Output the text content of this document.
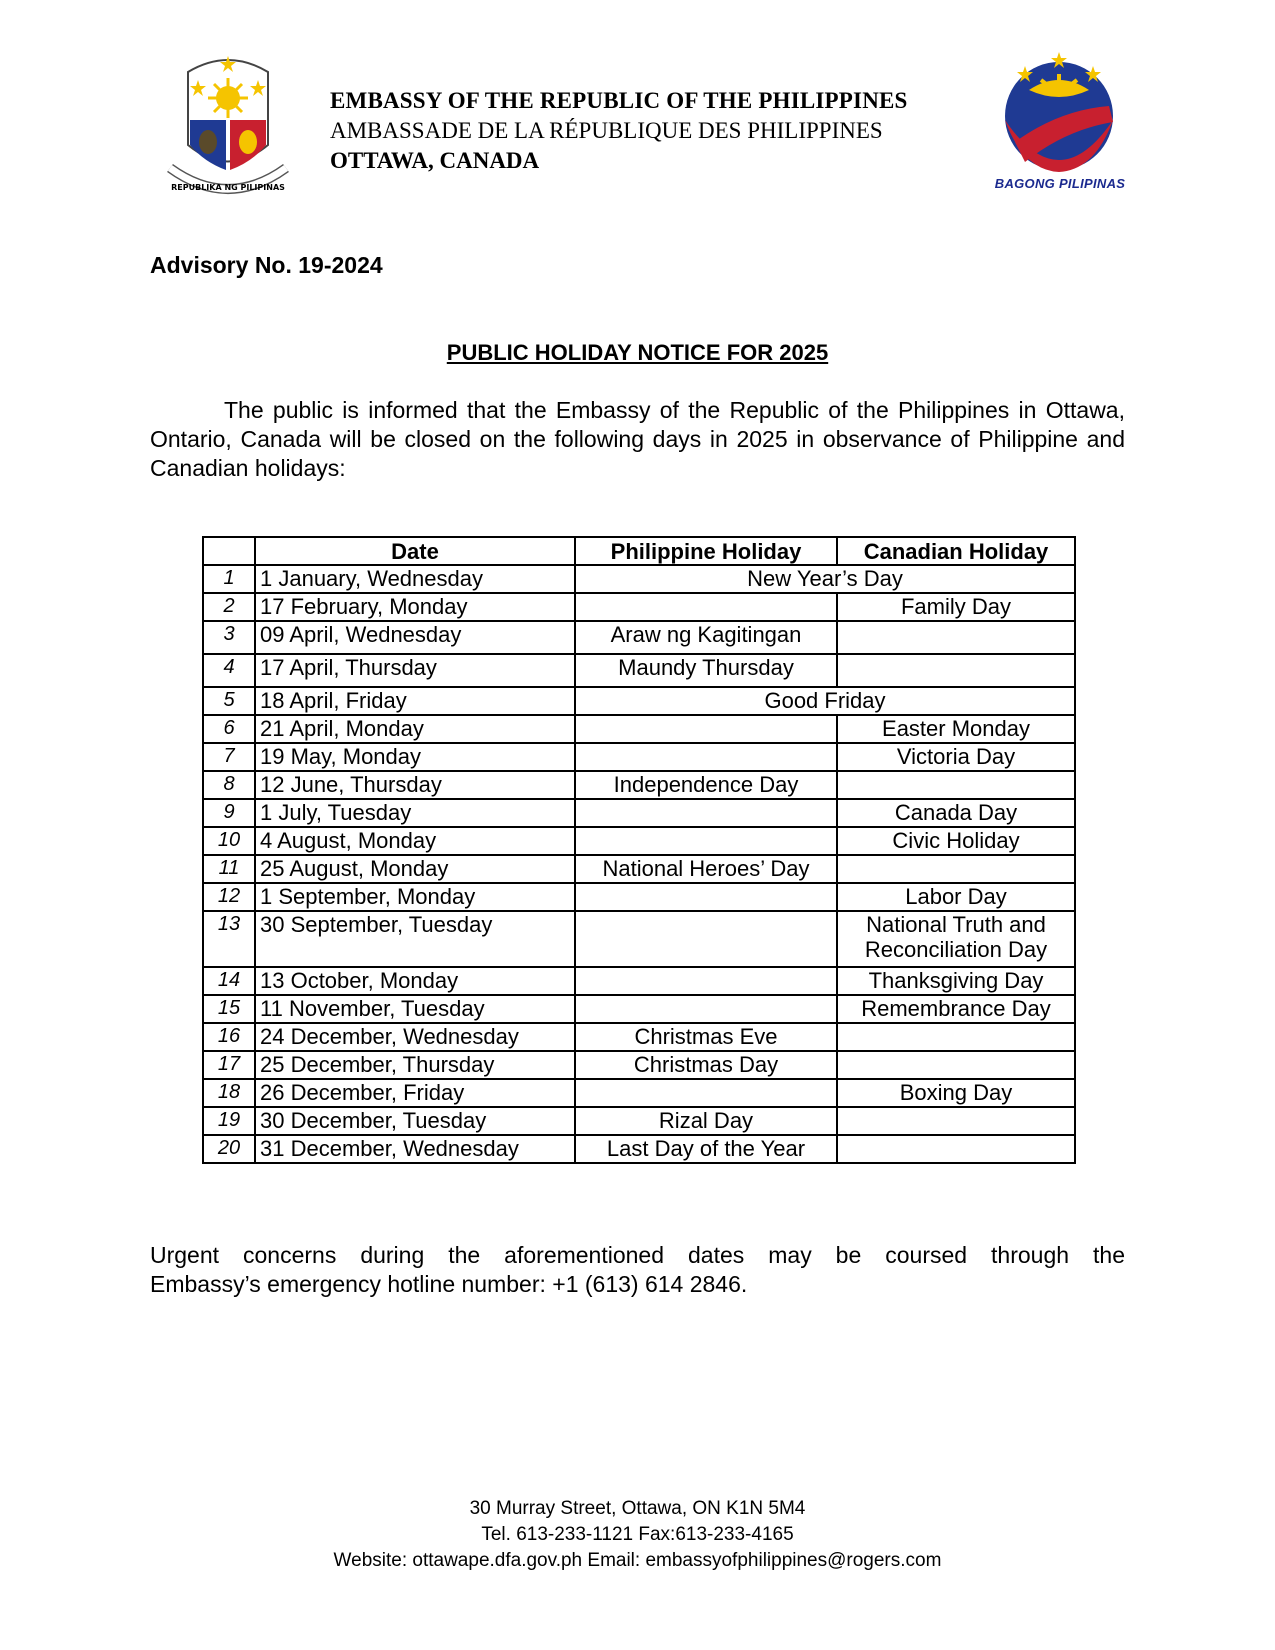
REPUBLIKA NG PILIPINAS
EMBASSY OF THE REPUBLIC OF THE PHILIPPINES
AMBASSADE DE LA RÉPUBLIQUE DES PHILIPPINES
OTTAWA, CANADA
BAGONG PILIPINAS
Advisory No. 19-2024
PUBLIC HOLIDAY NOTICE FOR 2025
The public is informed that the Embassy of the Republic of the Philippines in Ottawa, Ontario, Canada will be closed on the following days in 2025 in observance of Philippine and Canadian holidays:
	Date	Philippine Holiday	Canadian Holiday
1	1 January, Wednesday	New Year’s Day	
2	17 February, Monday		Family Day
3	09 April, Wednesday	Araw ng Kagitingan	
4	17 April, Thursday	Maundy Thursday	
5	18 April, Friday	Good Friday	
6	21 April, Monday		Easter Monday
7	19 May, Monday		Victoria Day
8	12 June, Thursday	Independence Day	
9	1 July, Tuesday		Canada Day
10	4 August, Monday		Civic Holiday
11	25 August, Monday	National Heroes’ Day	
12	1 September, Monday		Labor Day
13	30 September, Tuesday		National Truth and Reconciliation Day
14	13 October, Monday		Thanksgiving Day
15	11 November, Tuesday		Remembrance Day
16	24 December, Wednesday	Christmas Eve	
17	25 December, Thursday	Christmas Day	
18	26 December, Friday		Boxing Day
19	30 December, Tuesday	Rizal Day	
20	31 December, Wednesday	Last Day of the Year	
Urgent concerns during the aforementioned dates may be coursed through the
Embassy’s emergency hotline number: +1 (613) 614 2846.
30 Murray Street, Ottawa, ON K1N 5M4
Tel. 613-233-1121 Fax:613-233-4165
Website: ottawape.dfa.gov.ph Email: embassyofphilippines@rogers.com
